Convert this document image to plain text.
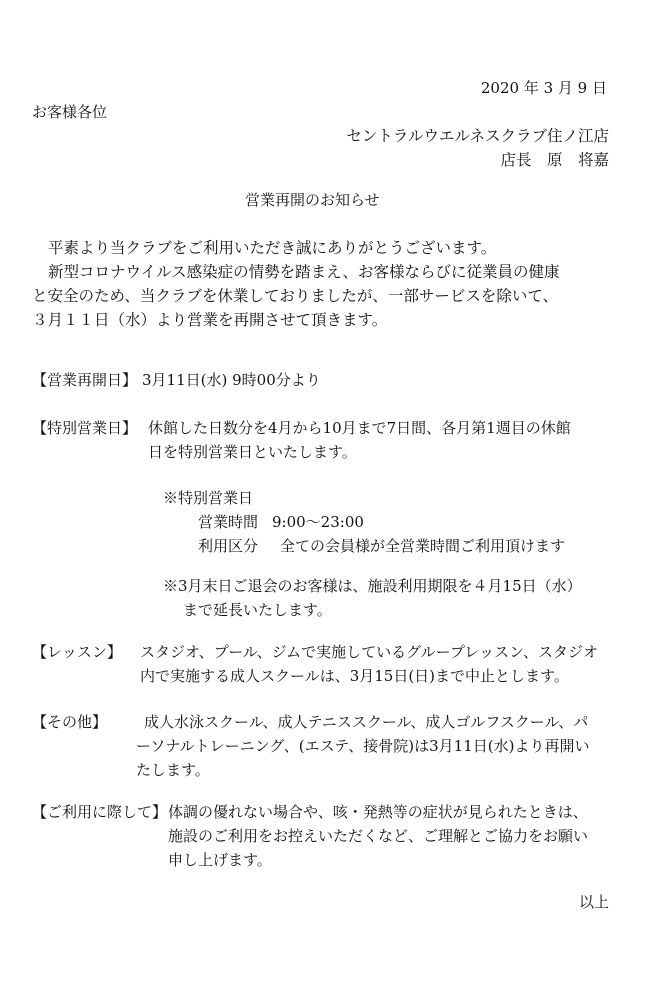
2020 年 3 月 9 日
お客様各位
セントラルウエルネスクラブ住ノ江店
店長　原　将嘉
営業再開のお知らせ
平素より当クラブをご利用いただき誠にありがとうございます。
新型コロナウイルス感染症の情勢を踏まえ、お客様ならびに従業員の健康
と安全のため、当クラブを休業しておりましたが、一部サービスを除いて、
３月１１日（水）より営業を再開させて頂きます。
【営業再開日】 3月11日(水) 9時00分より
【特別営業日】 休館した日数分を4月から10月まで7日間、各月第1週目の休館
日を特別営業日といたします。
※特別営業日
営業時間 9:00～23:00
利用区分 全ての会員様が全営業時間ご利用頂けます
※3月末日ご退会のお客様は、施設利用期限を４月15日（水）
まで延長いたします。
【レッスン】 スタジオ、プール、ジムで実施しているグループレッスン、スタジオ
内で実施する成人スクールは、3月15日(日)まで中止とします。
【その他】 成人水泳スクール、成人テニススクール、成人ゴルフスクール、パ
ーソナルトレーニング、(エステ、接骨院)は3月11日(水)より再開い
たします。
【ご利用に際して】 体調の優れない場合や、咳・発熱等の症状が見られたときは、
施設のご利用をお控えいただくなど、ご理解とご協力をお願い
申し上げます。
以上
